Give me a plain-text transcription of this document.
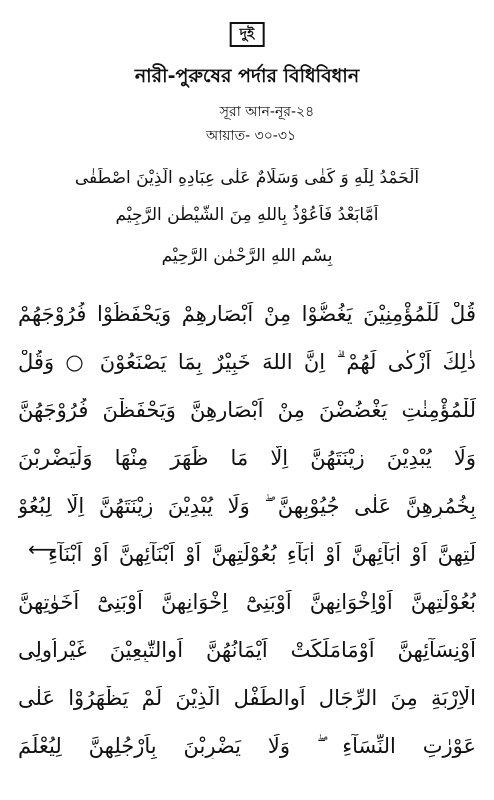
দুই
নারী-পুরুষের পর্দার বিধিবিধান
সূরা আন-নূর-২৪
আয়াত- ৩০-৩১
اَلْحَمْدُ لِلّٰهِ وَ كَفٰى وَسَلَامٌ عَلٰى عِبَادِهِ الَّذِيْنَ اصْطَفٰى
اَمَّابَعْدُ فَاَعُوْذُ بِاللهِ مِنَ الشَّيْطٰنِ الرَّجِيْمِ
بِسْمِ اللهِ الرَّحْمٰنِ الرَّحِيْمِ
قُلْ لِّلْمُؤْمِنِيْنَ يَغُضُّوْا مِنْ اَبْصَارِهِمْ وَيَحْفَظُوْا فُرُوْجَهُمْ
ذٰلِكَ اَزْكٰى لَهُمْ ۗ اِنَّ اللهَ خَبِيْرٌ بِمَا يَصْنَعُوْنَ ○ وَقُلْ
لِّلْمُؤْمِنٰتِ يَغْضُضْنَ مِنْ اَبْصَارِهِنَّ وَيَحْفَظْنَ فُرُوْجَهُنَّ
وَلَا يُبْدِيْنَ زِيْنَتَهُنَّ اِلَّا مَا ظَهَرَ مِنْهَا وَلْيَضْرِبْنَ
بِخُمُرِهِنَّ عَلٰى جُيُوْبِهِنَّ ۖ وَلَا يُبْدِيْنَ زِيْنَتَهُنَّ اِلَّا لِبُعُوْ
لَتِهِنَّ اَوْ اٰبَآئِهِنَّ اَوْ اٰبَآءِ بُعُوْلَتِهِنَّ اَوْ اَبْنَآئِهِنَّ اَوْ اَبْنَآءِ
بُعُوْلَتِهِنَّ اَوْاِخْوَانِهِنَّ اَوْبَنِىْٓ اِخْوَانِهِنَّ اَوْبَنِىْٓ اَخَوٰتِهِنَّ
اَوْنِسَآئِهِنَّ اَوْمَامَلَكَتْ اَيْمَانُهُنَّ اَوِالتّٰبِعِيْنَ غَيْرِاُولِى
الْاِرْبَةِ مِنَ الرِّجَالِ اَوِالطِّفْلِ الَّذِيْنَ لَمْ يَظْهَرُوْا عَلٰى
عَوْرٰتِ النِّسَآءِ ۖ وَلَا يَضْرِبْنَ بِاَرْجُلِهِنَّ لِيُعْلَمَ
⟵
